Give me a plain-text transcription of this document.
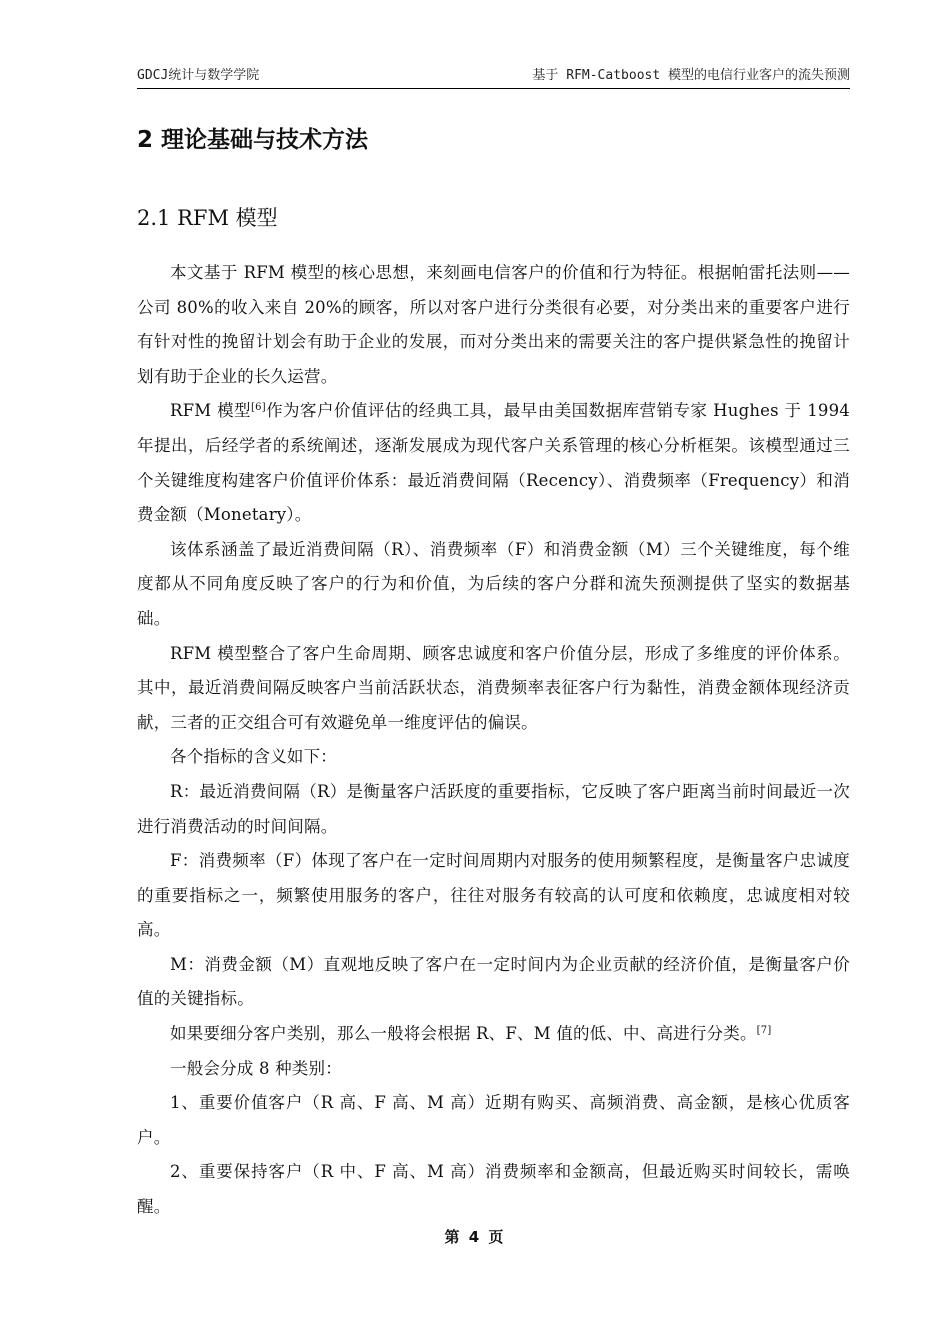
GDCJ统计与数学学院	基于 RFM-Catboost 模型的电信行业客户的流失预测
2 理论基础与技术方法
2.1 RFM 模型

本文基于 RFM 模型的核心思想，来刻画电信客户的价值和行为特征。根据帕雷托法则——公司 80%的收入来自 20%的顾客，所以对客户进行分类很有必要，对分类出来的重要客户进行有针对性的挽留计划会有助于企业的发展，而对分类出来的需要关注的客户提供紧急性的挽留计划有助于企业的长久运营。

RFM 模型[6]作为客户价值评估的经典工具，最早由美国数据库营销专家 Hughes 于 1994 年提出，后经学者的系统阐述，逐渐发展成为现代客户关系管理的核心分析框架。该模型通过三个关键维度构建客户价值评价体系：最近消费间隔（Recency）、消费频率（Frequency）和消费金额（Monetary）。

该体系涵盖了最近消费间隔（R）、消费频率（F）和消费金额（M）三个关键维度，每个维度都从不同角度反映了客户的行为和价值，为后续的客户分群和流失预测提供了坚实的数据基础。

RFM 模型整合了客户生命周期、顾客忠诚度和客户价值分层，形成了多维度的评价体系。其中，最近消费间隔反映客户当前活跃状态，消费频率表征客户行为黏性，消费金额体现经济贡献，三者的正交组合可有效避免单一维度评估的偏误。

各个指标的含义如下：

R：最近消费间隔（R）是衡量客户活跃度的重要指标，它反映了客户距离当前时间最近一次进行消费活动的时间间隔。

F：消费频率（F）体现了客户在一定时间周期内对服务的使用频繁程度，是衡量客户忠诚度的重要指标之一，频繁使用服务的客户，往往对服务有较高的认可度和依赖度，忠诚度相对较高。

M：消费金额（M）直观地反映了客户在一定时间内为企业贡献的经济价值，是衡量客户价值的关键指标。

如果要细分客户类别，那么一般将会根据 R、F、M 值的低、中、高进行分类。[7]

一般会分成 8 种类别：

1、重要价值客户（R 高、F 高、M 高）近期有购买、高频消费、高金额，是核心优质客户。

2、重要保持客户（R 中、F 高、M 高）消费频率和金额高，但最近购买时间较长，需唤醒。

第 4 页
